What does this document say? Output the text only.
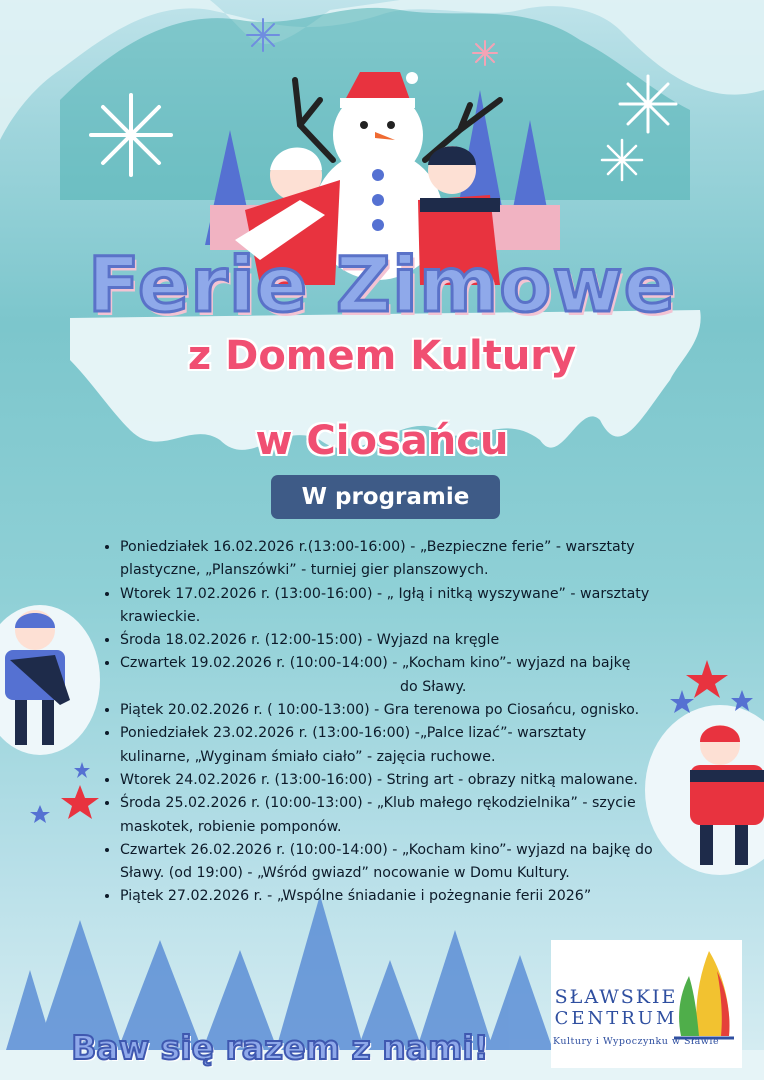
Ferie Zimowe
z Domem Kultury
w Ciosańcu
W programie
• Poniedziałek 16.02.2026 r.(13:00-16:00) - „Bezpieczne ferie” - warsztaty
plastyczne, „Planszówki” - turniej gier planszowych.
• Wtorek 17.02.2026 r. (13:00-16:00) - „ Igłą i nitką wyszywane” - warsztaty
krawieckie.
• Środa 18.02.2026 r. (12:00-15:00) - Wyjazd na kręgle
• Czwartek 19.02.2026 r. (10:00-14:00) - „Kocham kino”- wyjazd na bajkę
do Sławy.
• Piątek 20.02.2026 r. ( 10:00-13:00) - Gra terenowa po Ciosańcu, ognisko.
• Poniedziałek 23.02.2026 r. (13:00-16:00) -„Palce lizać”- warsztaty
kulinarne, „Wyginam śmiało ciało” - zajęcia ruchowe.
• Wtorek 24.02.2026 r. (13:00-16:00) - String art - obrazy nitką malowane.
• Środa 25.02.2026 r. (10:00-13:00) - „Klub małego rękodzielnika” - szycie
maskotek, robienie pomponów.
• Czwartek 26.02.2026 r. (10:00-14:00) - „Kocham kino”- wyjazd na bajkę do
Sławy. (od 19:00) - „Wśród gwiazd” nocowanie w Domu Kultury.
• Piątek 27.02.2026 r. - „Wspólne śniadanie i pożegnanie ferii 2026”
Baw się razem z nami!
SŁAWSKIE
CENTRUM
Kultury i Wypoczynku w Sławie
